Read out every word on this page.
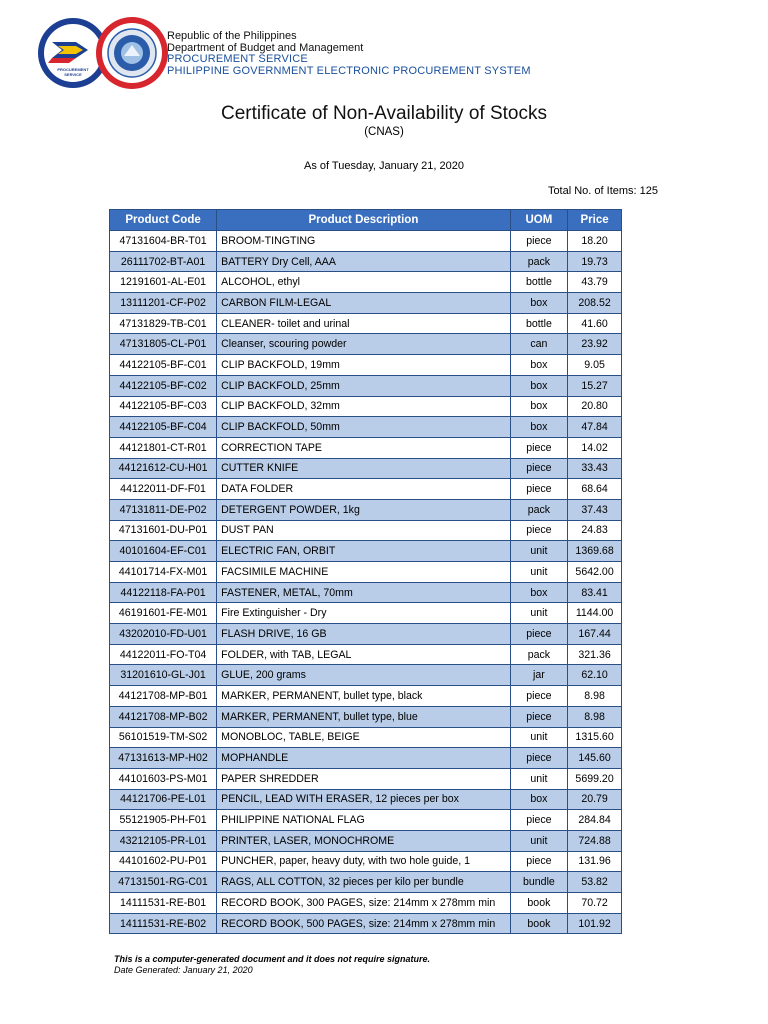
PROCUREMENT
SERVICE
Republic of the Philippines
Department of Budget and Management
PROCUREMENT SERVICE
PHILIPPINE GOVERNMENT ELECTRONIC PROCUREMENT SYSTEM
Certificate of Non-Availability of Stocks
(CNAS)
As of Tuesday, January 21, 2020
Total No. of Items: 125
Product Code	Product Description	UOM	Price
47131604-BR-T01	BROOM-TINGTING	piece	18.20
26111702-BT-A01	BATTERY Dry Cell, AAA	pack	19.73
12191601-AL-E01	ALCOHOL, ethyl	bottle	43.79
13111201-CF-P02	CARBON FILM-LEGAL	box	208.52
47131829-TB-C01	CLEANER- toilet and urinal	bottle	41.60
47131805-CL-P01	Cleanser, scouring powder	can	23.92
44122105-BF-C01	CLIP BACKFOLD, 19mm	box	9.05
44122105-BF-C02	CLIP BACKFOLD, 25mm	box	15.27
44122105-BF-C03	CLIP BACKFOLD, 32mm	box	20.80
44122105-BF-C04	CLIP BACKFOLD, 50mm	box	47.84
44121801-CT-R01	CORRECTION TAPE	piece	14.02
44121612-CU-H01	CUTTER KNIFE	piece	33.43
44122011-DF-F01	DATA FOLDER	piece	68.64
47131811-DE-P02	DETERGENT POWDER, 1kg	pack	37.43
47131601-DU-P01	DUST PAN	piece	24.83
40101604-EF-C01	ELECTRIC FAN, ORBIT	unit	1369.68
44101714-FX-M01	FACSIMILE MACHINE	unit	5642.00
44122118-FA-P01	FASTENER, METAL, 70mm	box	83.41
46191601-FE-M01	Fire Extinguisher - Dry	unit	1144.00
43202010-FD-U01	FLASH DRIVE, 16 GB	piece	167.44
44122011-FO-T04	FOLDER, with TAB, LEGAL	pack	321.36
31201610-GL-J01	GLUE, 200 grams	jar	62.10
44121708-MP-B01	MARKER, PERMANENT, bullet type, black	piece	8.98
44121708-MP-B02	MARKER, PERMANENT, bullet type, blue	piece	8.98
56101519-TM-S02	MONOBLOC, TABLE, BEIGE	unit	1315.60
47131613-MP-H02	MOPHANDLE	piece	145.60
44101603-PS-M01	PAPER SHREDDER	unit	5699.20
44121706-PE-L01	PENCIL, LEAD WITH ERASER, 12 pieces per box	box	20.79
55121905-PH-F01	PHILIPPINE NATIONAL FLAG	piece	284.84
43212105-PR-L01	PRINTER, LASER, MONOCHROME	unit	724.88
44101602-PU-P01	PUNCHER, paper, heavy duty, with two hole guide, 1	piece	131.96
47131501-RG-C01	RAGS, ALL COTTON, 32 pieces per kilo per bundle	bundle	53.82
14111531-RE-B01	RECORD BOOK, 300 PAGES, size: 214mm x 278mm min	book	70.72
14111531-RE-B02	RECORD BOOK, 500 PAGES, size: 214mm x 278mm min	book	101.92
This is a computer-generated document and it does not require signature.
Date Generated: January 21, 2020
